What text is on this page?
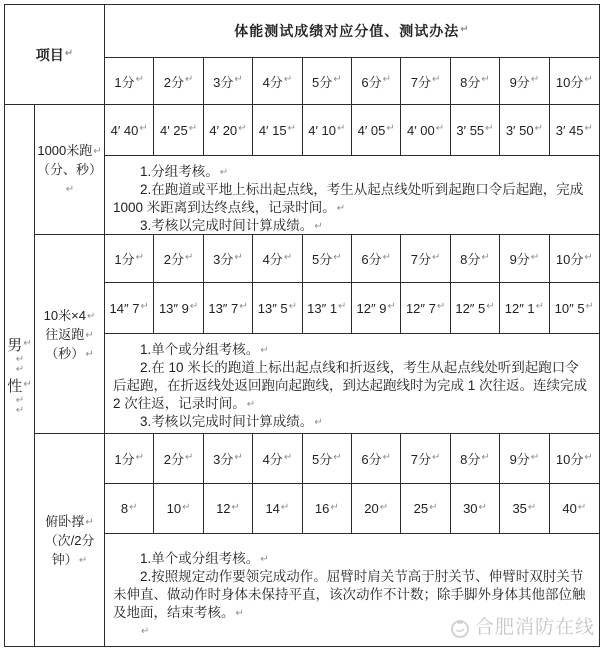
项目 ↵
体能测试成绩对应分值、测试办法 ↵
1分 ↵ 2分 ↵ 3分 ↵ 4分 ↵ 5分 ↵ 6分 ↵ 7分 ↵ 8分 ↵ 9分 ↵ 10分 ↵

男 ↵

↵

↵

性 ↵

↵

↵

1000米跑↵

（分、秒）↵

4′ 40 ↵ 4′ 25 ↵ 4′ 20 ↵ 4′ 15 ↵ 4′ 10 ↵ 4′ 05 ↵ 4′ 00 ↵ 3′ 55 ↵ 3′ 50 ↵ 3′ 45 ↵

1.分组考核。↵

2.在跑道或平地上标出起点线，考生从起点线处听到起跑口令后起跑，完成 1000 米距离到达终点线，记录时间。↵

3.考核以完成时间计算成绩。↵

10米×4↵

往返跑↵

（秒）↵

1分 ↵ 2分 ↵ 3分 ↵ 4分 ↵ 5分 ↵ 6分 ↵ 7分 ↵ 8分 ↵ 9分 ↵ 10分 ↵
14″ 7 ↵ 13″ 9 ↵ 13″ 7 ↵ 13″ 5 ↵ 13″ 1 ↵ 12″ 9 ↵ 12″ 7 ↵ 12″ 5 ↵ 12″ 1 ↵ 10″ 5 ↵

1.单个或分组考核。↵

2.在 10 米长的跑道上标出起点线和折返线，考生从起点线处听到起跑口令后起跑，在折返线处返回跑向起跑线，到达起跑线时为完成 1 次往返。连续完成 2 次往返，记录时间。↵

3.考核以完成时间计算成绩。↵

俯卧撑↵

（次/2分钟）↵

1分 ↵ 2分 ↵ 3分 ↵ 4分 ↵ 5分 ↵ 6分 ↵ 7分 ↵ 8分 ↵ 9分 ↵ 10分 ↵
8 ↵ 10 ↵ 12 ↵ 14 ↵ 16 ↵ 20 ↵ 25 ↵ 30 ↵ 35 ↵ 40 ↵

1.单个或分组考核。↵

2.按照规定动作要领完成动作。屈臂时肩关节高于肘关节、伸臂时双肘关节未伸直、做动作时身体未保持平直，该次动作不计数；除手脚外身体其他部位触及地面，结束考核。↵

↵	合肥消防在线
